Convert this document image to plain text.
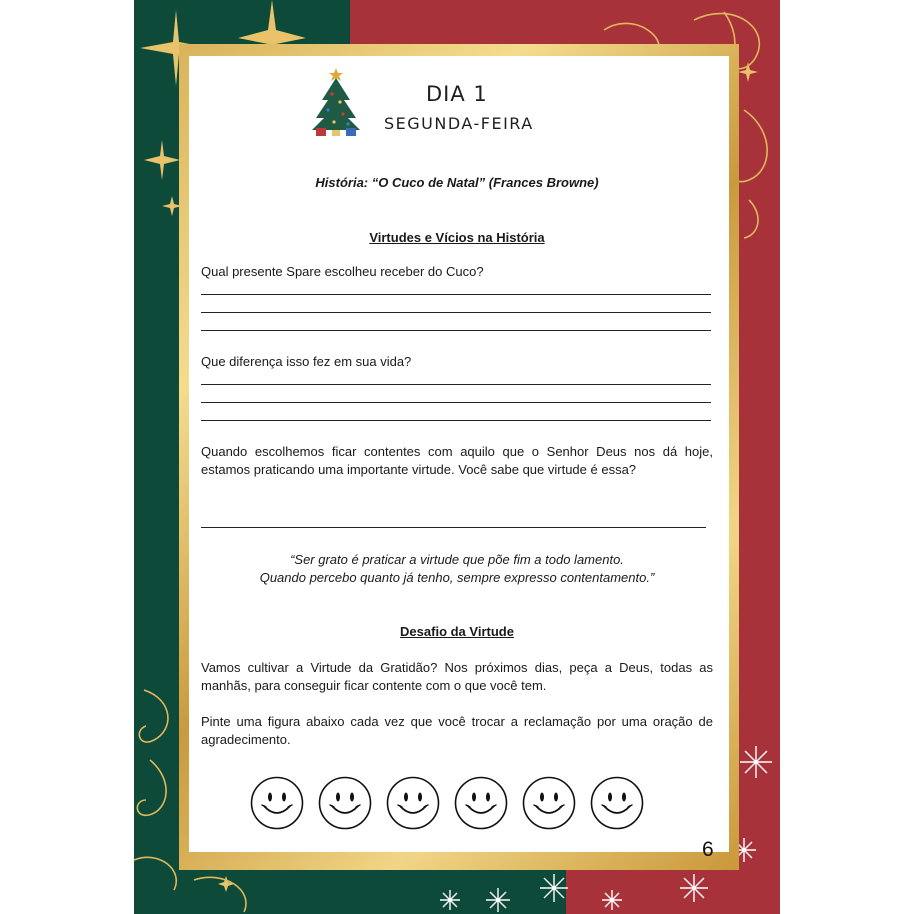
DIA 1
SEGUNDA-FEIRA
História: “O Cuco de Natal” (Frances Browne)
Virtudes e Vícios na História
Qual presente Spare escolheu receber do Cuco?
Que diferença isso fez em sua vida?
Quando escolhemos ficar contentes com aquilo que o Senhor Deus nos dá hoje, estamos praticando uma importante virtude. Você sabe que virtude é essa?
“Ser grato é praticar a virtude que põe fim a todo lamento.
Quando percebo quanto já tenho, sempre expresso contentamento.”
Desafio da Virtude
Vamos cultivar a Virtude da Gratidão? Nos próximos dias, peça a Deus, todas as manhãs, para conseguir ficar contente com o que você tem.
Pinte uma figura abaixo cada vez que você trocar a reclamação por uma oração de agradecimento.
6
